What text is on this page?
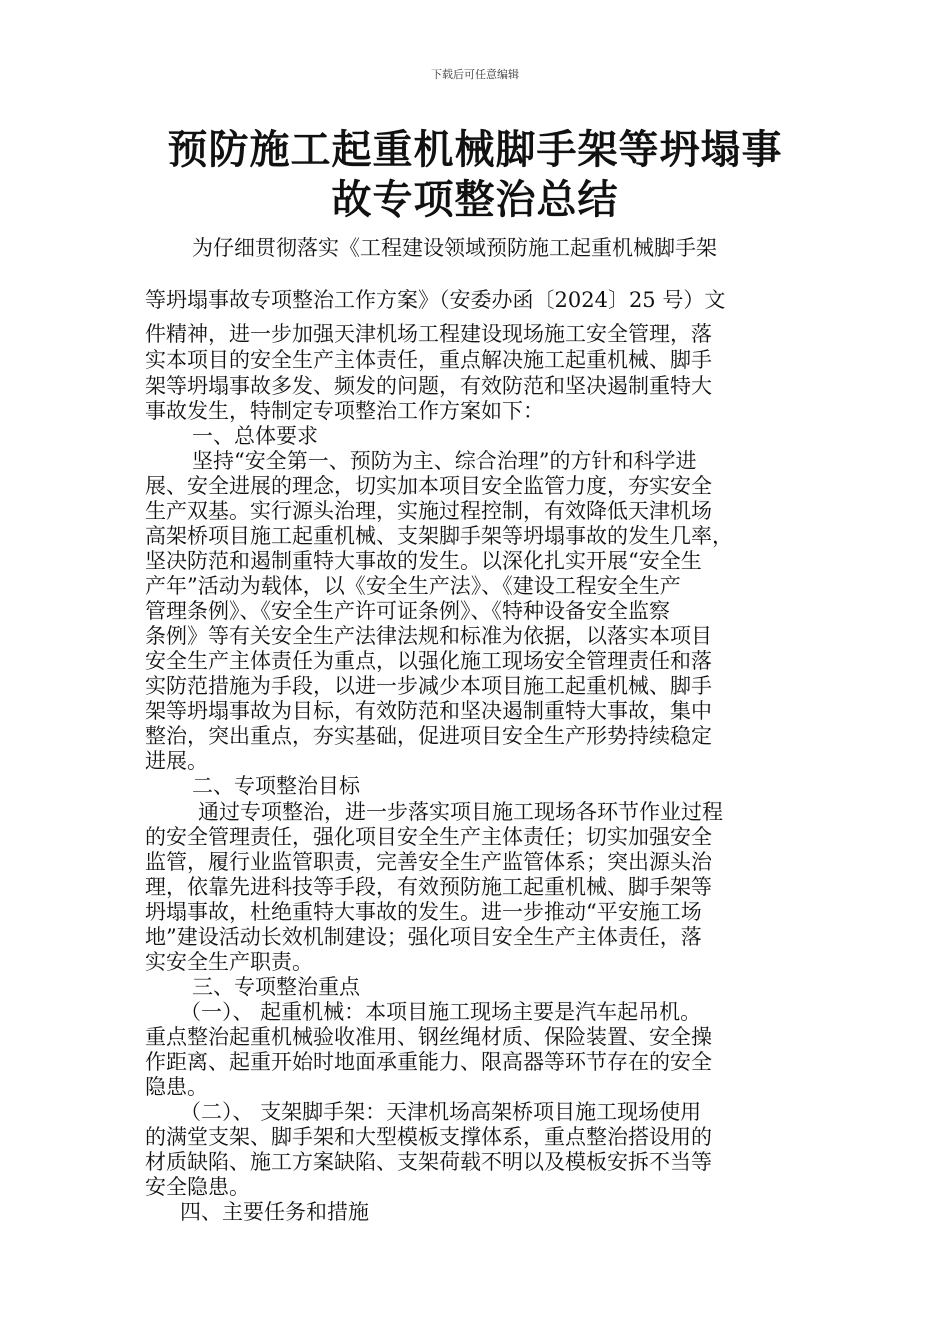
下载后可任意编辑
预防施工起重机械脚手架等坍塌事
故专项整治总结
为仔细贯彻落实《工程建设领域预防施工起重机械脚手架
等坍塌事故专项整治工作方案》（安委办函〔2024〕25 号）文
件精神，进一步加强天津机场工程建设现场施工安全管理，落
实本项目的安全生产主体责任，重点解决施工起重机械、脚手
架等坍塌事故多发、频发的问题，有效防范和坚决遏制重特大
事故发生，特制定专项整治工作方案如下：
一、总体要求
坚持“安全第一、预防为主、综合治理”的方针和科学进
展、安全进展的理念，切实加本项目安全监管力度，夯实安全
生产双基。实行源头治理，实施过程控制，有效降低天津机场
高架桥项目施工起重机械、支架脚手架等坍塌事故的发生几率，
坚决防范和遏制重特大事故的发生。以深化扎实开展“安全生
产年”活动为载体，以《安全生产法》、《建设工程安全生产
管理条例》、《安全生产许可证条例》、《特种设备安全监察
条例》等有关安全生产法律法规和标准为依据，以落实本项目
安全生产主体责任为重点，以强化施工现场安全管理责任和落
实防范措施为手段，以进一步减少本项目施工起重机械、脚手
架等坍塌事故为目标，有效防范和坚决遏制重特大事故，集中
整治，突出重点，夯实基础，促进项目安全生产形势持续稳定
进展。
二、专项整治目标
通过专项整治，进一步落实项目施工现场各环节作业过程
的安全管理责任，强化项目安全生产主体责任；切实加强安全
监管，履行业监管职责，完善安全生产监管体系；突出源头治
理，依靠先进科技等手段，有效预防施工起重机械、脚手架等
坍塌事故，杜绝重特大事故的发生。进一步推动“平安施工场
地”建设活动长效机制建设；强化项目安全生产主体责任，落
实安全生产职责。
三、专项整治重点
（一）、 起重机械：本项目施工现场主要是汽车起吊机。
重点整治起重机械验收准用、钢丝绳材质、保险装置、安全操
作距离、起重开始时地面承重能力、限高器等环节存在的安全
隐患。
（二）、 支架脚手架：天津机场高架桥项目施工现场使用
的满堂支架、脚手架和大型模板支撑体系，重点整治搭设用的
材质缺陷、施工方案缺陷、支架荷载不明以及模板安拆不当等
安全隐患。
四、主要任务和措施
